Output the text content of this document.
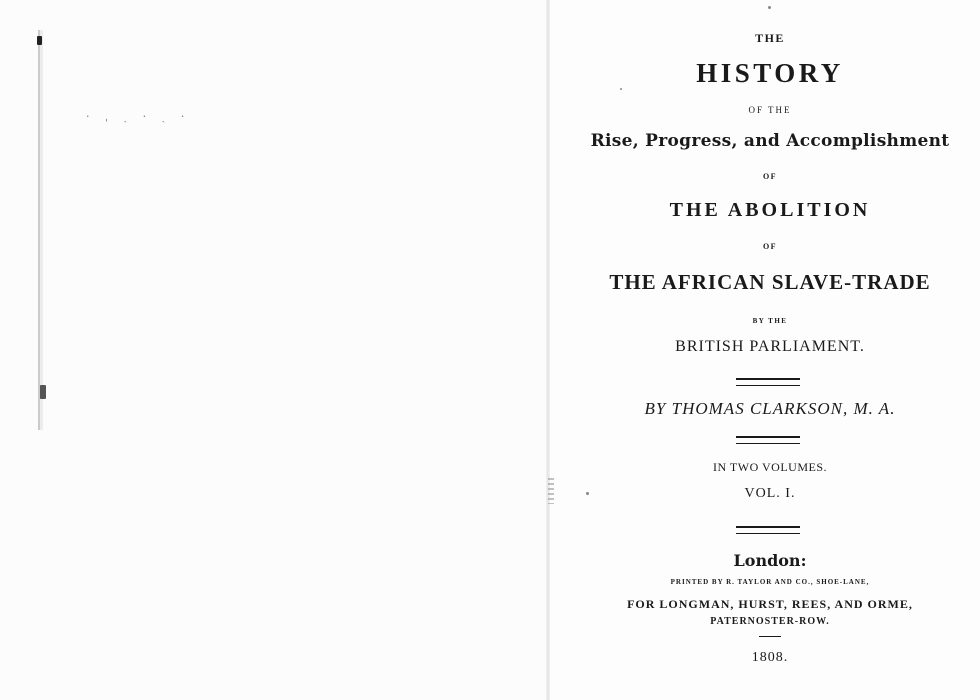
· ˌ ˏ · ˎ ·
THE
HISTORY
OF THE
Rise, Progress, and Accomplishment
OF
THE ABOLITION
OF
THE AFRICAN SLAVE-TRADE
BY THE
BRITISH PARLIAMENT.
BY THOMAS CLARKSON, M. A.
IN TWO VOLUMES.
VOL. I.
London:
PRINTED BY R. TAYLOR AND CO., SHOE-LANE,
FOR LONGMAN, HURST, REES, AND ORME,
PATERNOSTER-ROW.
1808.
